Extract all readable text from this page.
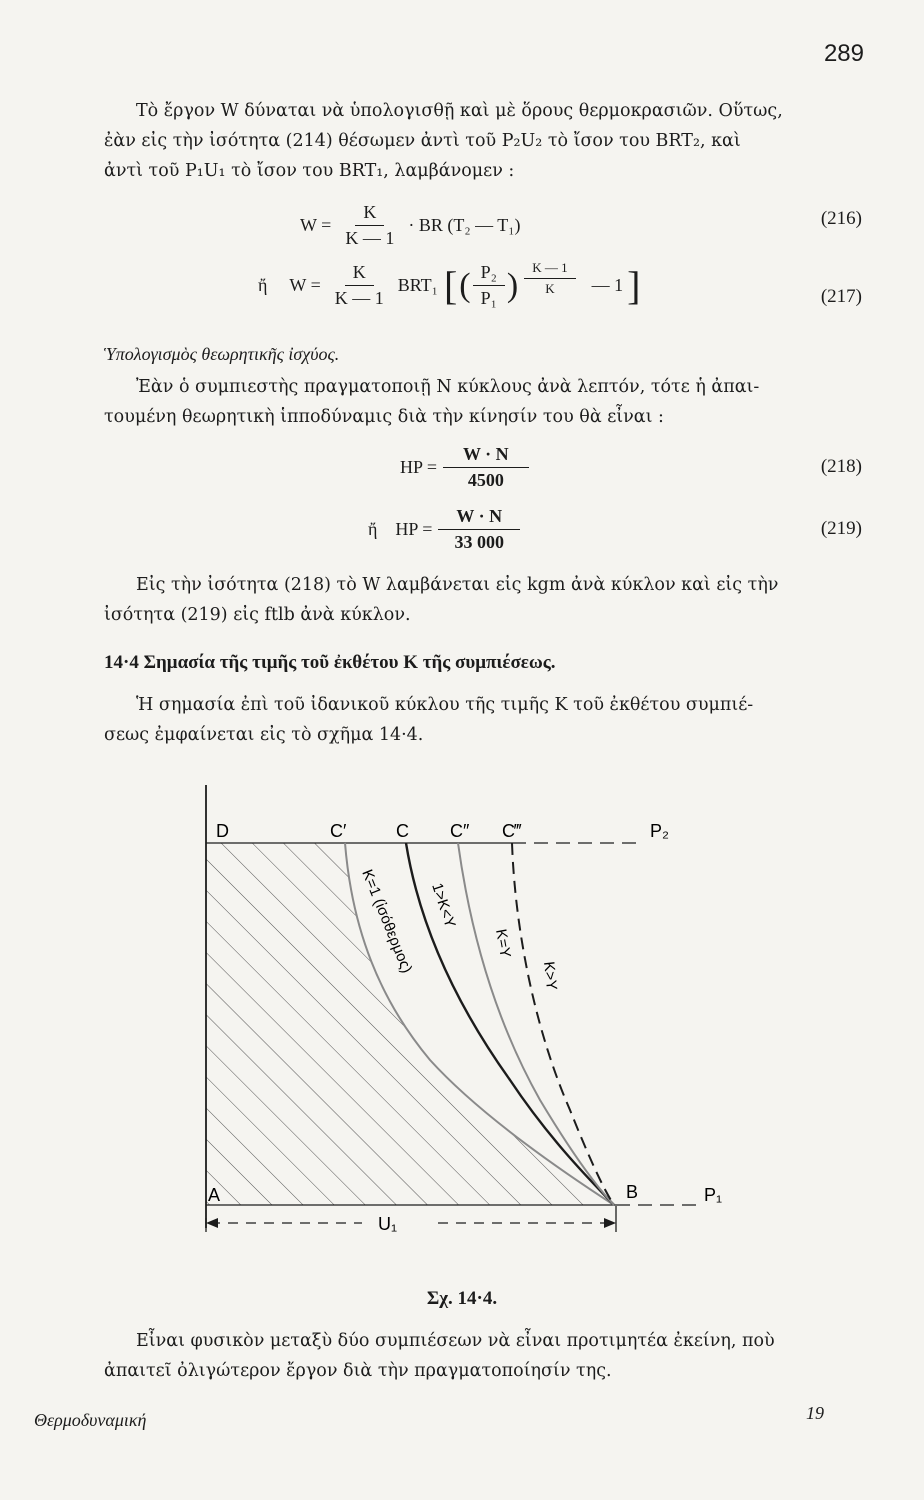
289
Τὸ ἔργον W δύναται νὰ ὑπολογισθῇ καὶ μὲ ὅρους θερμοκρασιῶν. Οὕτως,
ἐὰν εἰς τὴν ἰσότητα (214) θέσωμεν ἀντὶ τοῦ P₂U₂ τὸ ἴσον του BRT₂, καὶ
ἀντὶ τοῦ P₁U₁ τὸ ἴσον του BRT₁, λαμβάνομεν :
$W = \frac{K}{K — 1}$ · BR (T₂ — T₁)	(216)
ἤ $W = \frac{K}{K — 1} BRT_1$ [ ( $\frac{\text{P₂}}{\text{P₁}}$ ) $\frac{K — 1}{K}$ — 1 ]	(217)
Ὑπολογισμὸς θεωρητικῆς ἰσχύος.
Ἐὰν ὁ συμπιεστὴς πραγματοποιῇ N κύκλους ἀνὰ λεπτόν, τότε ἡ ἀπαι-
τουμένη θεωρητικὴ ἱπποδύναμις διὰ τὴν κίνησίν του θὰ εἶναι :
HP = $\frac{W \cdot N}{4500}$	(218)
ἤ HP = $\frac{W \cdot N}{33 000}$	(219)
Εἰς τὴν ἰσότητα (218) τὸ W λαμβάνεται εἰς kgm ἀνὰ κύκλον καὶ εἰς τὴν
ἰσότητα (219) εἰς ftlb ἀνὰ κύκλον.
14·4 Σημασία τῆς τιμῆς τοῦ ἐκθέτου K τῆς συμπιέσεως.
Ἡ σημασία ἐπὶ τοῦ ἰδανικοῦ κύκλου τῆς τιμῆς K τοῦ ἐκθέτου συμπιέ-
σεως ἐμφαίνεται εἰς τὸ σχῆμα 14·4.
D	C′	C C″ C‴	P₂
A	B	P₁
U₁
K=1 (ἰσόθερμος) 1>K<Y
K=Y
K>Y
Σχ. 14·4.
Εἶναι φυσικὸν μεταξὺ δύο συμπιέσεων νὰ εἶναι προτιμητέα ἐκείνη, ποὺ
ἀπαιτεῖ ὀλιγώτερον ἔργον διὰ τὴν πραγματοποίησίν της.
Θερμοδυναμική	19
